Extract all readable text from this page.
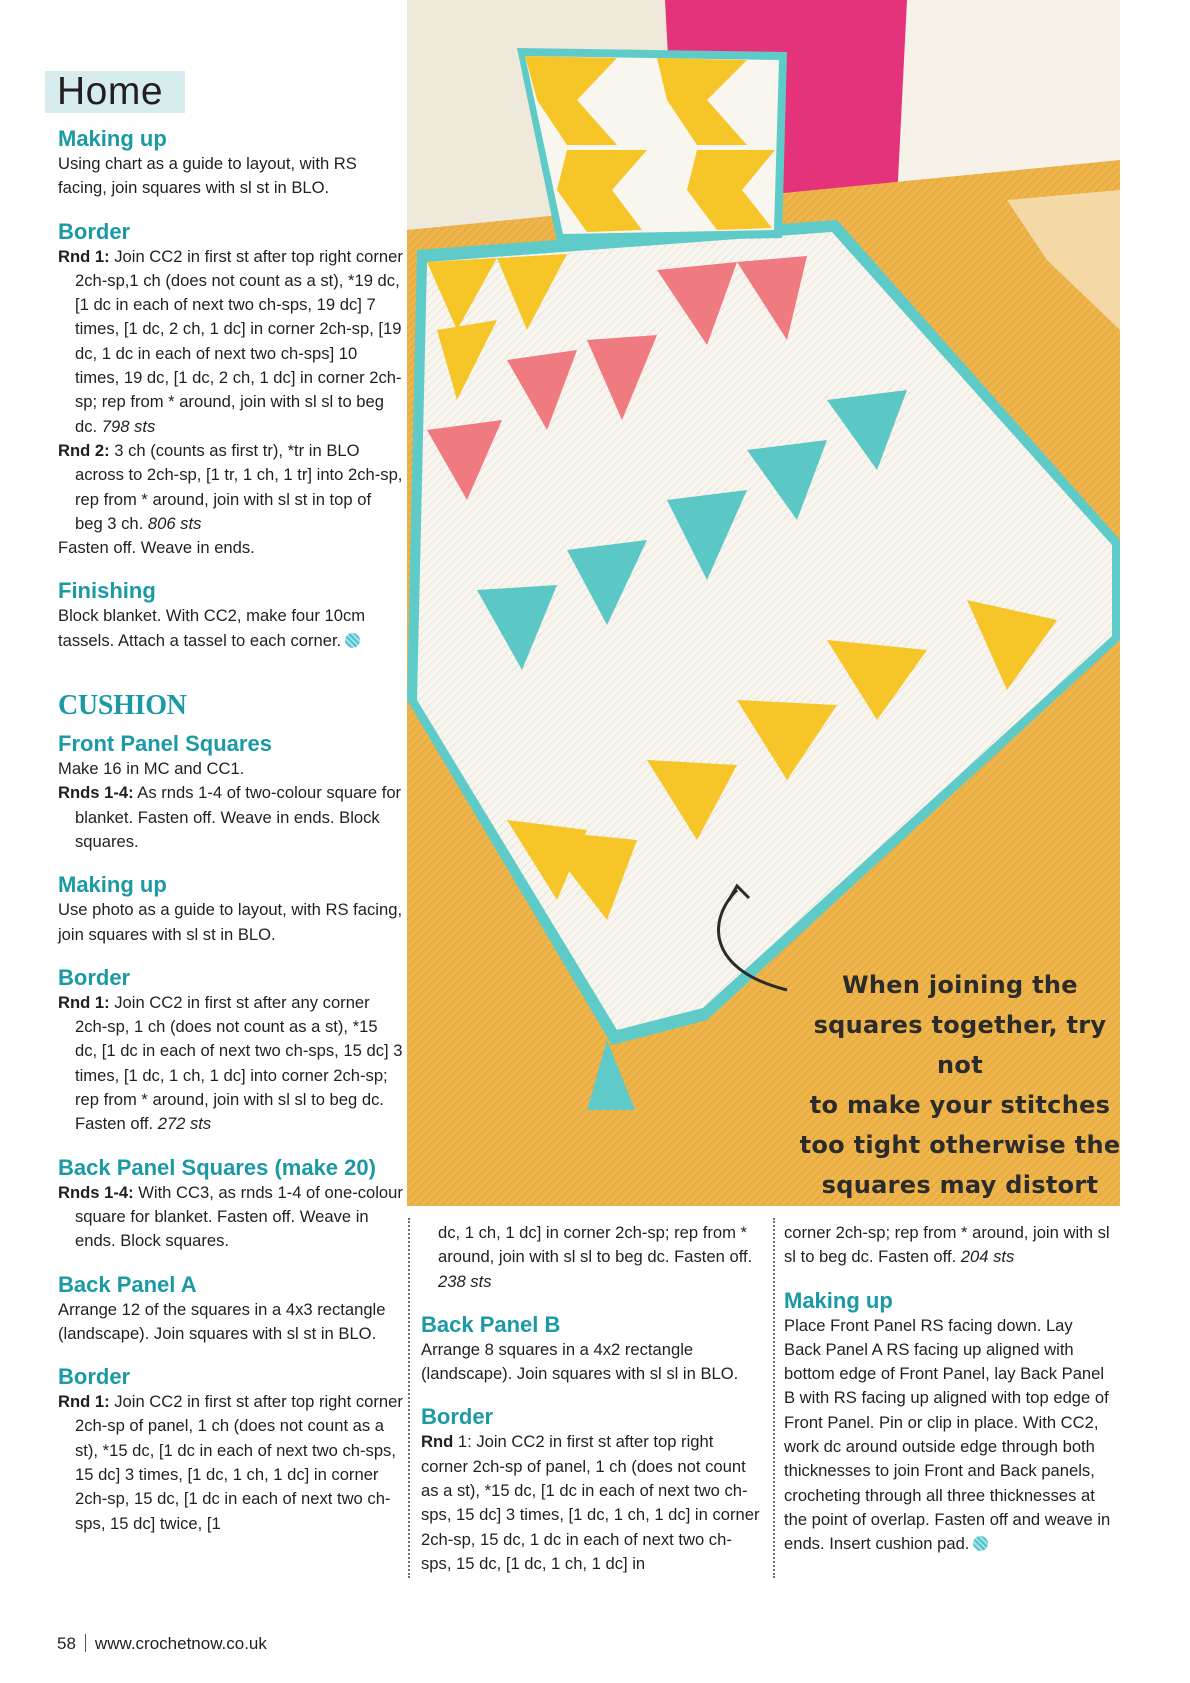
Home

Making up

Using chart as a guide to layout, with RS facing, join squares with sl st in BLO.

Border

Rnd 1: Join CC2 in first st after top right corner 2ch-sp,1 ch (does not count as a st), *19 dc, [1 dc in each of next two ch-sps, 19 dc] 7 times, [1 dc, 2 ch, 1 dc] in corner 2ch-sp, [19 dc, 1 dc in each of next two ch-sps] 10 times, 19 dc, [1 dc, 2 ch, 1 dc] in corner 2ch-sp; rep from * around, join with sl sl to beg dc. 798 sts

Rnd 2: 3 ch (counts as first tr), *tr in BLO across to 2ch-sp, [1 tr, 1 ch, 1 tr] into 2ch-sp, rep from * around, join with sl st in top of beg 3 ch. 806 sts

Fasten off. Weave in ends.

Finishing

Block blanket. With CC2, make four 10cm tassels. Attach a tassel to each corner.

CUSHION

Front Panel Squares

Make 16 in MC and CC1.

Rnds 1-4: As rnds 1-4 of two-colour square for blanket. Fasten off. Weave in ends. Block squares.

Making up

Use photo as a guide to layout, with RS facing, join squares with sl st in BLO.

Border

Rnd 1: Join CC2 in first st after any corner 2ch-sp, 1 ch (does not count as a st), *15 dc, [1 dc in each of next two ch-sps, 15 dc] 3 times, [1 dc, 1 ch, 1 dc] into corner 2ch-sp; rep from * around, join with sl sl to beg dc. Fasten off. 272 sts

Back Panel Squares (make 20)

Rnds 1-4: With CC3, as rnds 1-4 of one-colour square for blanket. Fasten off. Weave in ends. Block squares.

Back Panel A

Arrange 12 of the squares in a 4x3 rectangle (landscape). Join squares with sl st in BLO.

Border

Rnd 1: Join CC2 in first st after top right corner 2ch-sp of panel, 1 ch (does not count as a st), *15 dc, [1 dc in each of next two ch-sps, 15 dc] 3 times, [1 dc, 1 ch, 1 dc] in corner 2ch-sp, 15 dc, [1 dc in each of next two ch-sps, 15 dc] twice, [1

dc, 1 ch, 1 dc] in corner 2ch-sp; rep from * around, join with sl sl to beg dc. Fasten off. 238 sts

Back Panel B

Arrange 8 squares in a 4x2 rectangle (landscape). Join squares with sl sl in BLO.

Border

Rnd 1: Join CC2 in first st after top right corner 2ch-sp of panel, 1 ch (does not count as a st), *15 dc, [1 dc in each of next two ch-sps, 15 dc] 3 times, [1 dc, 1 ch, 1 dc] in corner 2ch-sp, 15 dc, 1 dc in each of next two ch-sps, 15 dc, [1 dc, 1 ch, 1 dc] in

corner 2ch-sp; rep from * around, join with sl sl to beg dc. Fasten off. 204 sts

Making up

Place Front Panel RS facing down. Lay Back Panel A RS facing up aligned with bottom edge of Front Panel, lay Back Panel B with RS facing up aligned with top edge of Front Panel. Pin or clip in place. With CC2, work dc around outside edge through both thicknesses to join Front and Back panels, crocheting through all three thicknesses at the point of overlap. Fasten off and weave in ends. Insert cushion pad.

When joining the
squares together, try not
to make your stitches
too tight otherwise the
squares may distort
58 www.crochetnow.co.uk
